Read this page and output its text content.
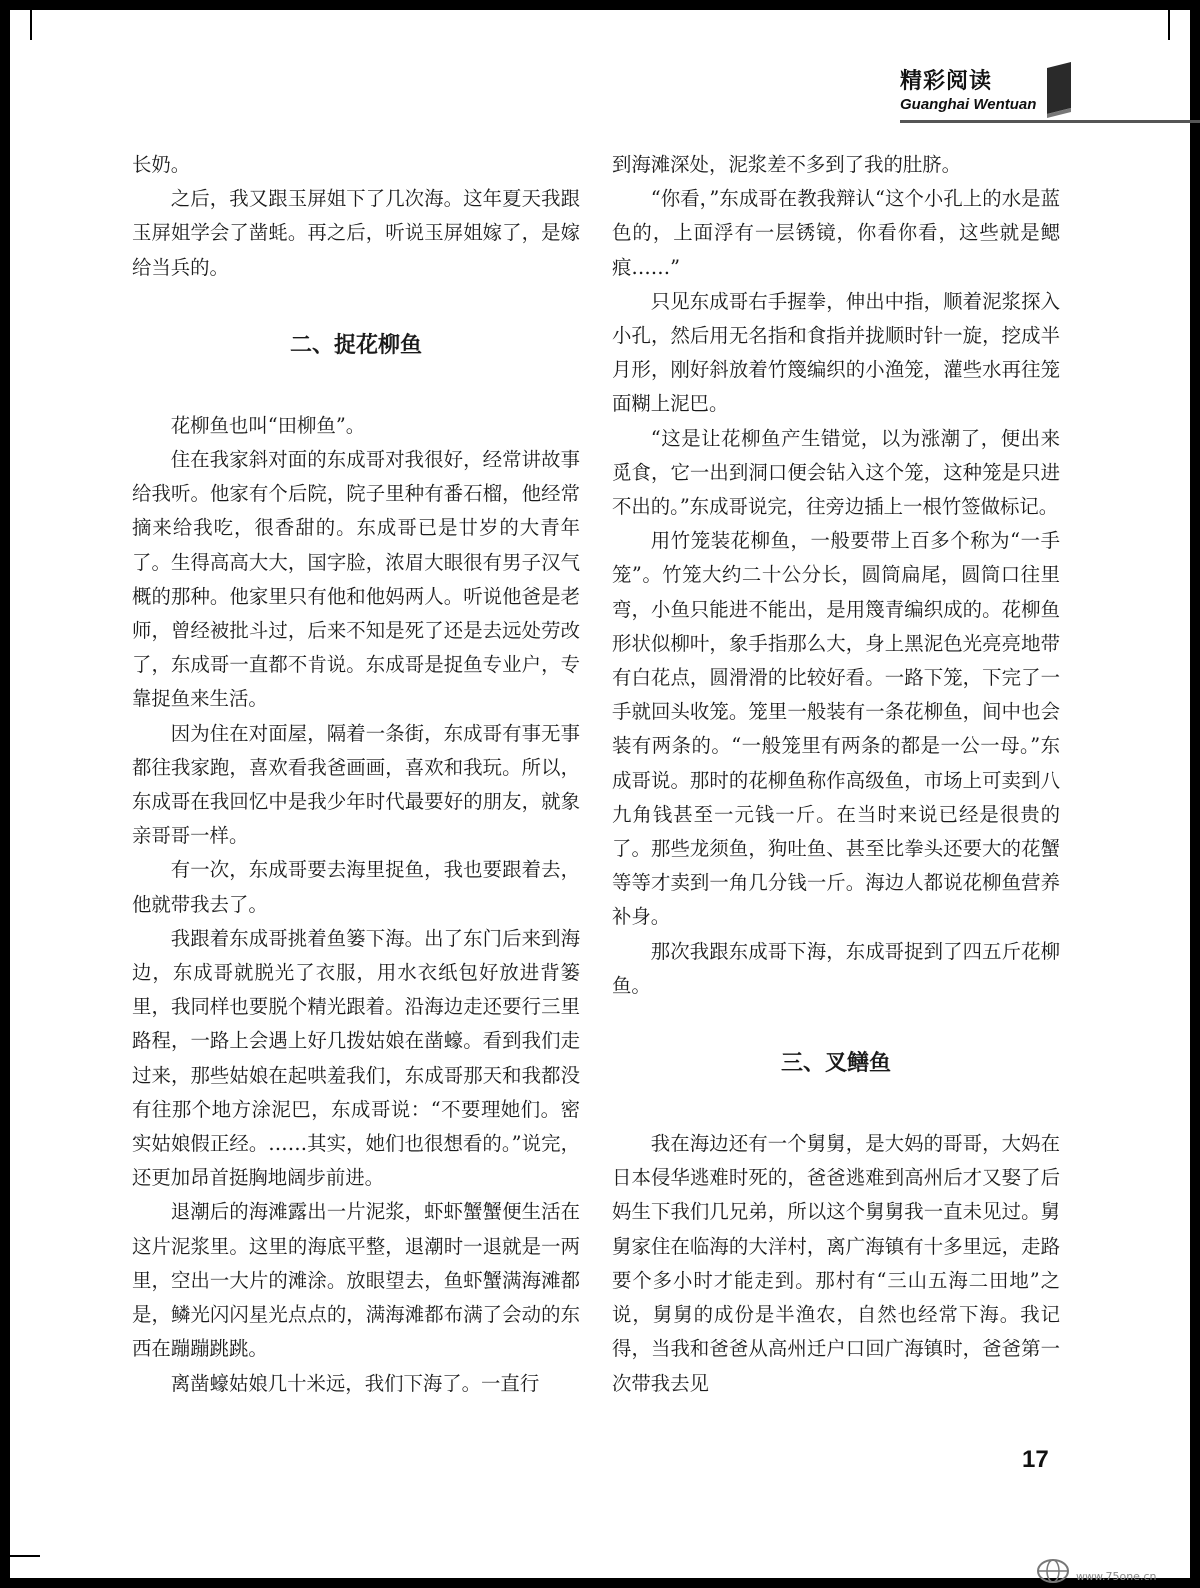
精彩阅读
Guanghai Wentuan

长奶。

之后，我又跟玉屏姐下了几次海。这年夏天我跟玉屏姐学会了凿蚝。再之后，听说玉屏姐嫁了，是嫁给当兵的。

二、捉花柳鱼

花柳鱼也叫“田柳鱼”。

住在我家斜对面的东成哥对我很好，经常讲故事给我听。他家有个后院，院子里种有番石榴，他经常摘来给我吃，很香甜的。东成哥已是廿岁的大青年了。生得高高大大，国字脸，浓眉大眼很有男子汉气概的那种。他家里只有他和他妈两人。听说他爸是老师，曾经被批斗过，后来不知是死了还是去远处劳改了，东成哥一直都不肯说。东成哥是捉鱼专业户，专靠捉鱼来生活。

因为住在对面屋，隔着一条街，东成哥有事无事都往我家跑，喜欢看我爸画画，喜欢和我玩。所以，东成哥在我回忆中是我少年时代最要好的朋友，就象亲哥哥一样。

有一次，东成哥要去海里捉鱼，我也要跟着去，他就带我去了。

我跟着东成哥挑着鱼篓下海。出了东门后来到海边，东成哥就脱光了衣服，用水衣纸包好放进背篓里，我同样也要脱个精光跟着。沿海边走还要行三里路程，一路上会遇上好几拨姑娘在凿蠔。看到我们走过来，那些姑娘在起哄羞我们，东成哥那天和我都没有往那个地方涂泥巴，东成哥说：“不要理她们。密实姑娘假正经。……其实，她们也很想看的。”说完，还更加昂首挺胸地阔步前进。

退潮后的海滩露出一片泥浆，虾虾蟹蟹便生活在这片泥浆里。这里的海底平整，退潮时一退就是一两里，空出一大片的滩涂。放眼望去，鱼虾蟹满海滩都是，鳞光闪闪星光点点的，满海滩都布满了会动的东西在蹦蹦跳跳。

离凿蠔姑娘几十米远，我们下海了。一直行

到海滩深处，泥浆差不多到了我的肚脐。

“你看，”东成哥在教我辩认“这个小孔上的水是蓝色的，上面浮有一层锈镜，你看你看，这些就是鳃痕……”

只见东成哥右手握拳，伸出中指，顺着泥浆探入小孔，然后用无名指和食指并拢顺时针一旋，挖成半月形，刚好斜放着竹篾编织的小渔笼，灌些水再往笼面糊上泥巴。

“这是让花柳鱼产生错觉，以为涨潮了，便出来觅食，它一出到洞口便会钻入这个笼，这种笼是只进不出的。”东成哥说完，往旁边插上一根竹签做标记。

用竹笼装花柳鱼，一般要带上百多个称为“一手笼”。竹笼大约二十公分长，圆筒扁尾，圆筒口往里弯，小鱼只能进不能出，是用篾青编织成的。花柳鱼形状似柳叶，象手指那么大，身上黑泥色光亮亮地带有白花点，圆滑滑的比较好看。一路下笼，下完了一手就回头收笼。笼里一般装有一条花柳鱼，间中也会装有两条的。“一般笼里有两条的都是一公一母。”东成哥说。那时的花柳鱼称作高级鱼，市场上可卖到八九角钱甚至一元钱一斤。在当时来说已经是很贵的了。那些龙须鱼，狗吐鱼、甚至比拳头还要大的花蟹等等才卖到一角几分钱一斤。海边人都说花柳鱼营养补身。

那次我跟东成哥下海，东成哥捉到了四五斤花柳鱼。

三、叉鳝鱼

我在海边还有一个舅舅，是大妈的哥哥，大妈在日本侵华逃难时死的，爸爸逃难到高州后才又娶了后妈生下我们几兄弟，所以这个舅舅我一直未见过。舅舅家住在临海的大洋村，离广海镇有十多里远，走路要个多小时才能走到。那村有“三山五海二田地”之说，舅舅的成份是半渔农，自然也经常下海。我记得，当我和爸爸从高州迁户口回广海镇时，爸爸第一次带我去见

17
www.75one.cn
